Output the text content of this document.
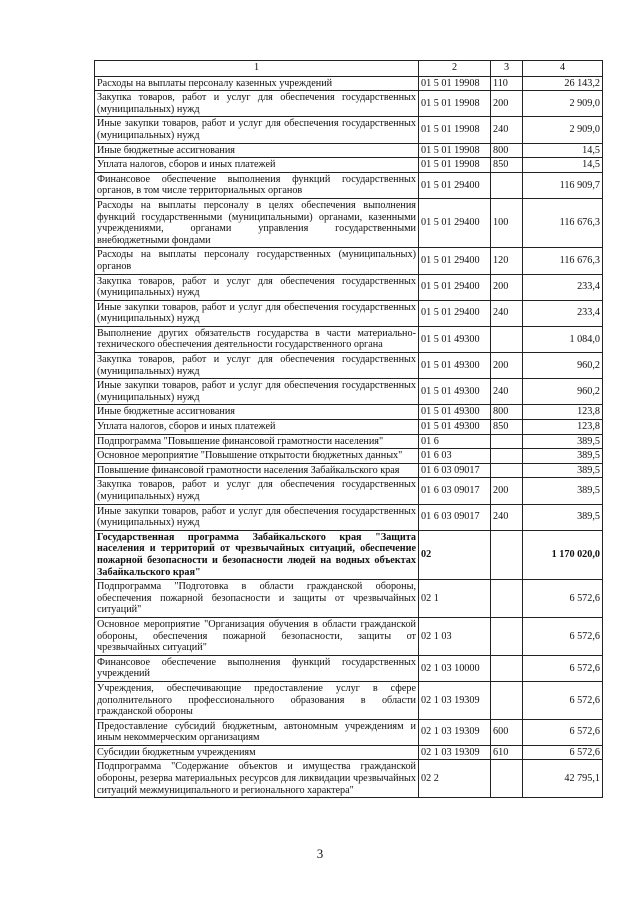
1	2	3	4
Расходы на выплаты персоналу казенных учреждений	01 5 01 19908	110	26 143,2
Закупка товаров, работ и услуг для обеспечения государственных (муниципальных) нужд	01 5 01 19908	200	2 909,0
Иные закупки товаров, работ и услуг для обеспечения государственных (муниципальных) нужд	01 5 01 19908	240	2 909,0
Иные бюджетные ассигнования	01 5 01 19908	800	14,5
Уплата налогов, сборов и иных платежей	01 5 01 19908	850	14,5
Финансовое обеспечение выполнения функций государственных органов, в том числе территориальных органов	01 5 01 29400		116 909,7
Расходы на выплаты персоналу в целях обеспечения выполнения функций государственными (муниципальными) органами, казенными учреждениями, органами управления государственными внебюджетными фондами	01 5 01 29400	100	116 676,3
Расходы на выплаты персоналу государственных (муниципальных) органов	01 5 01 29400	120	116 676,3
Закупка товаров, работ и услуг для обеспечения государственных (муниципальных) нужд	01 5 01 29400	200	233,4
Иные закупки товаров, работ и услуг для обеспечения государственных (муниципальных) нужд	01 5 01 29400	240	233,4
Выполнение других обязательств государства в части материально-технического обеспечения деятельности государственного органа	01 5 01 49300		1 084,0
Закупка товаров, работ и услуг для обеспечения государственных (муниципальных) нужд	01 5 01 49300	200	960,2
Иные закупки товаров, работ и услуг для обеспечения государственных (муниципальных) нужд	01 5 01 49300	240	960,2
Иные бюджетные ассигнования	01 5 01 49300	800	123,8
Уплата налогов, сборов и иных платежей	01 5 01 49300	850	123,8
Подпрограмма "Повышение финансовой грамотности населения"	01 6		389,5
Основное мероприятие "Повышение открытости бюджетных данных"	01 6 03		389,5
Повышение финансовой грамотности населения Забайкальского края	01 6 03 09017		389,5
Закупка товаров, работ и услуг для обеспечения государственных (муниципальных) нужд	01 6 03 09017	200	389,5
Иные закупки товаров, работ и услуг для обеспечения государственных (муниципальных) нужд	01 6 03 09017	240	389,5
Государственная программа Забайкальского края "Защита населения и территорий от чрезвычайных ситуаций, обеспечение пожарной безопасности и безопасности людей на водных объектах Забайкальского края"	02		1 170 020,0
Подпрограмма "Подготовка в области гражданской обороны, обеспечения пожарной безопасности и защиты от чрезвычайных ситуаций"	02 1		6 572,6
Основное мероприятие "Организация обучения в области гражданской обороны, обеспечения пожарной безопасности, защиты от чрезвычайных ситуаций"	02 1 03		6 572,6
Финансовое обеспечение выполнения функций государственных учреждений	02 1 03 10000		6 572,6
Учреждения, обеспечивающие предоставление услуг в сфере дополнительного профессионального образования в области гражданской обороны	02 1 03 19309		6 572,6
Предоставление субсидий бюджетным, автономным учреждениям и иным некоммерческим организациям	02 1 03 19309	600	6 572,6
Субсидии бюджетным учреждениям	02 1 03 19309	610	6 572,6
Подпрограмма "Содержание объектов и имущества гражданской обороны, резерва материальных ресурсов для ликвидации чрезвычайных ситуаций межмуниципального и регионального характера"	02 2		42 795,1
3
